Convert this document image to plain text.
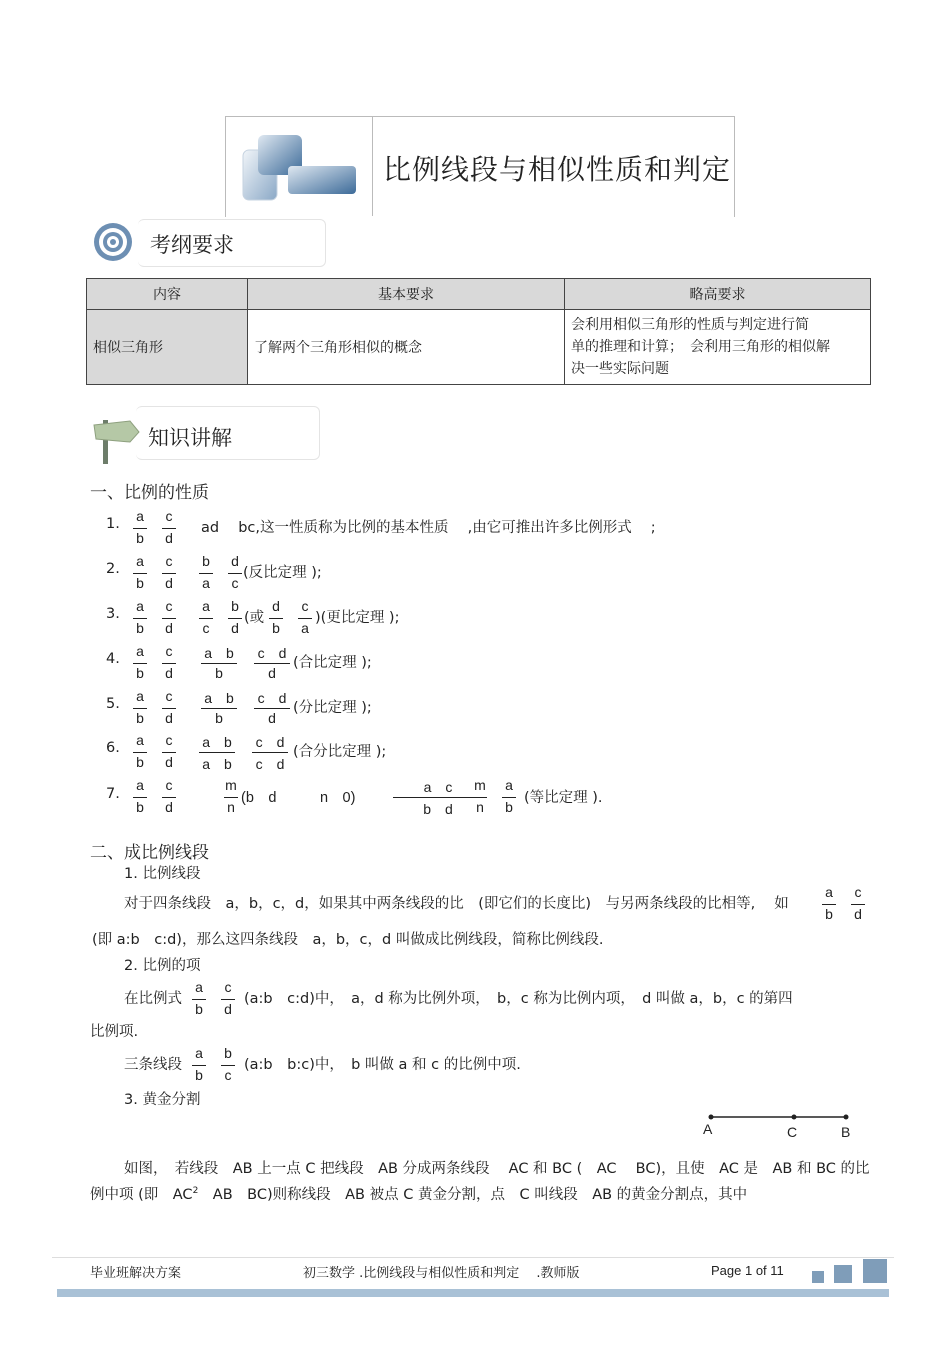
比例线段与相似性质和判定
考纲要求
内容	基本要求	略高要求
相似三角形	了解两个三角形相似的概念	会利用相似三角形的性质与判定进行简
单的推理和计算；　会利用三角形的相似解
决一些实际问题
知识讲解
一、比例的性质
1.	ad　 bc,这一性质称为比例的基本性质　 ,由它可推出许多比例形式　 ;
2.	(反比定理 );
3.	(或	)(更比定理 );
4.	(合比定理 );
5.	(分比定理 );
6.	(合分比定理 );
7.	(b　d　　　n　0)	(等比定理 ).
二、成比例线段
1. 比例线段
对于四条线段　a，b，c，d，如果其中两条线段的比　(即它们的长度比)　与另两条线段的比相等,　 如
(即 a:b　c:d)，那么这四条线段　a，b，c，d 叫做成比例线段，简称比例线段.
2. 比例的项
在比例式	(a:b　c:d)中，　a，d 称为比例外项，　b，c 称为比例内项，　d 叫做 a，b，c 的第四
比例项.
三条线段	(a:b　b:c)中，　b 叫做 a 和 c 的比例中项.
3. 黄金分割
A	C	B
如图，　若线段　AB 上一点 C 把线段　AB 分成两条线段　 AC 和 BC (　AC　 BC)，且使　AC 是　AB 和 BC 的比
例中项 (即　$AC^2$　AB　BC)则称线段　AB 被点 C 黄金分割，点　C 叫线段　AB 的黄金分割点，其中
毕业班解决方案	初三数学 .比例线段与相似性质和判定　 .教师版	Page 1 of 11
a
b
c
d
a
b
c
d
a
b
c
d
a
b
c
d
a
b
c
d
a
b
c
d
a
b
c
d
b
a
d
c
a
c
b
d
d
b
c
a
a　b
b
c　d
d
a　b
b
c　d
d
a　b
a　b
c　d
c　d
m
n
a　c
b　d
m
n
a
b
a
b
c
d
a
b
c
d
a
b
b
c
